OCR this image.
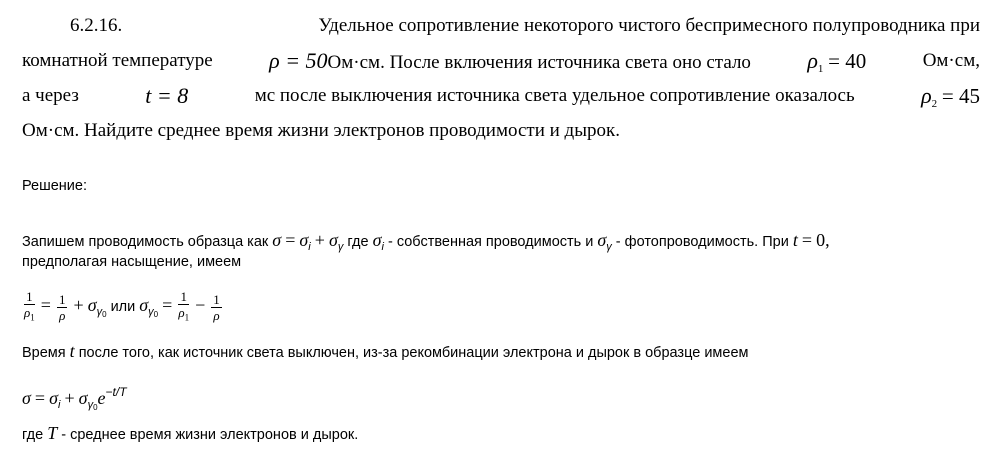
6.2.16.	Удельное сопротивление некоторого чистого беспримесного полупроводника при
комнатной температуре	ρ = 50Ом·см. После включения источника света оно стало	$\rho_1 = 40$	Ом·см,
а через	t = 8	мс после выключения источника света удельное сопротивление оказалось	$\rho_2 = 45$
Ом·см. Найдите среднее время жизни электронов проводимости и дырок.
Решение:
Запишем проводимость образца как $\sigma = \sigma_i + \sigma_\gamma$ где $\sigma_i$ - собственная проводимость и $\sigma_\gamma$ - фотопроводимость. При t = 0,
предполагая насыщение, имеем
$\frac{1}{\rho_1} = \frac{1}{\rho} + \sigma_{\gamma 0}$ или $\sigma_{\gamma 0} = \frac{1}{\rho_1} - \frac{1}{\rho}$
Время t после того, как источник света выключен, из-за рекомбинации электрона и дырок в образце имеем
$\sigma = \sigma_i + \sigma_{\gamma 0}e^{-t/T}$
где T - среднее время жизни электронов и дырок.
